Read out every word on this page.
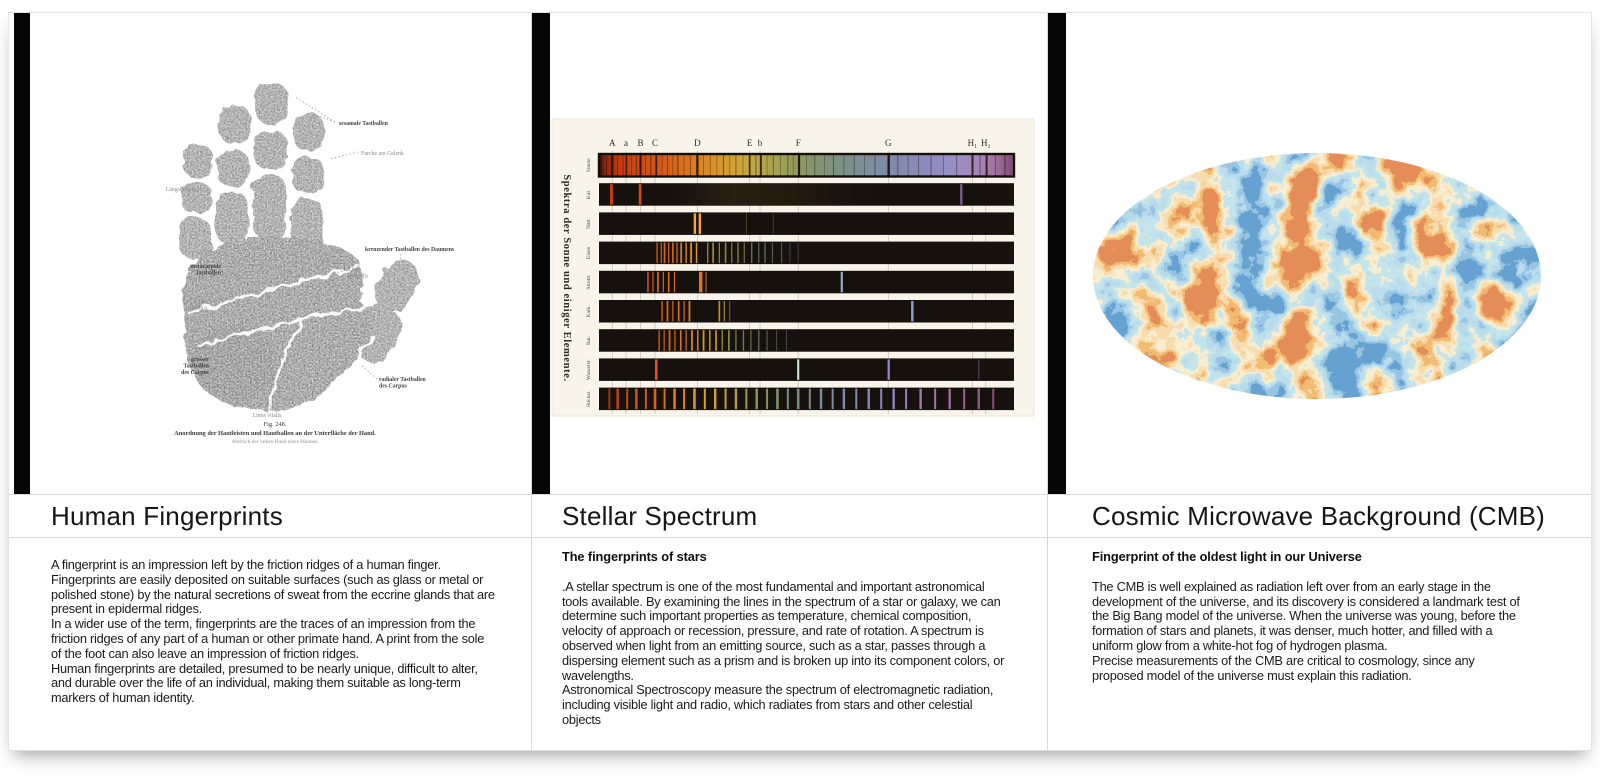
sesamale Tastballen
Furche am Gelenk
Längsleisten
metacarpale Tastballen
Linea mensalis
kreuzender Tastballen des Daumens
Linea cephalica
grosser Tastballen des Carpus
radialer Tastballen des Carpus
Linea vitalis
Fig. 248.
Anordnung der Hautleisten und Hautballen an der Unterfläche der Hand.
Abdruck der linken Hand eines Mannes.
Human Fingerprints

A fingerprint is an impression left by the friction ridges of a human finger. Fingerprints are easily deposited on suitable surfaces (such as glass or metal or polished stone) by the natural secretions of sweat from the eccrine glands that are present in epidermal ridges.

In a wider use of the term, fingerprints are the traces of an impression from the friction ridges of any part of a human or other primate hand. A print from the sole of the foot can also leave an impression of friction ridges.

Human fingerprints are detailed, presumed to be nearly unique, difficult to alter, and durable over the life of an individual, making them suitable as long-term markers of human identity.

Spektra der Sonne und einiger Elemente.
A a B C	D	E b	F	G	H₁ H₂
Sonne
Kal.
Natr.
Eisen
Stront.
Kalk.
Bar.
Wasserst.
Stickst.
Stellar Spectrum
The fingerprints of stars

.A stellar spectrum is one of the most fundamental and important astronomical tools available. By examining the lines in the spectrum of a star or galaxy, we can determine such important properties as temperature, chemical composition, velocity of approach or recession, pressure, and rate of rotation. A spectrum is observed when light from an emitting source, such as a star, passes through a dispersing element such as a prism and is broken up into its component colors, or wavelengths.

Astronomical Spectroscopy measure the spectrum of electromagnetic radiation, including visible light and radio, which radiates from stars and other celestial objects

Cosmic Microwave Background (CMB)
Fingerprint of the oldest light in our Universe

The CMB is well explained as radiation left over from an early stage in the development of the universe, and its discovery is considered a landmark test of the Big Bang model of the universe. When the universe was young, before the formation of stars and planets, it was denser, much hotter, and filled with a uniform glow from a white-hot fog of hydrogen plasma.

Precise measurements of the CMB are critical to cosmology, since any proposed model of the universe must explain this radiation.
